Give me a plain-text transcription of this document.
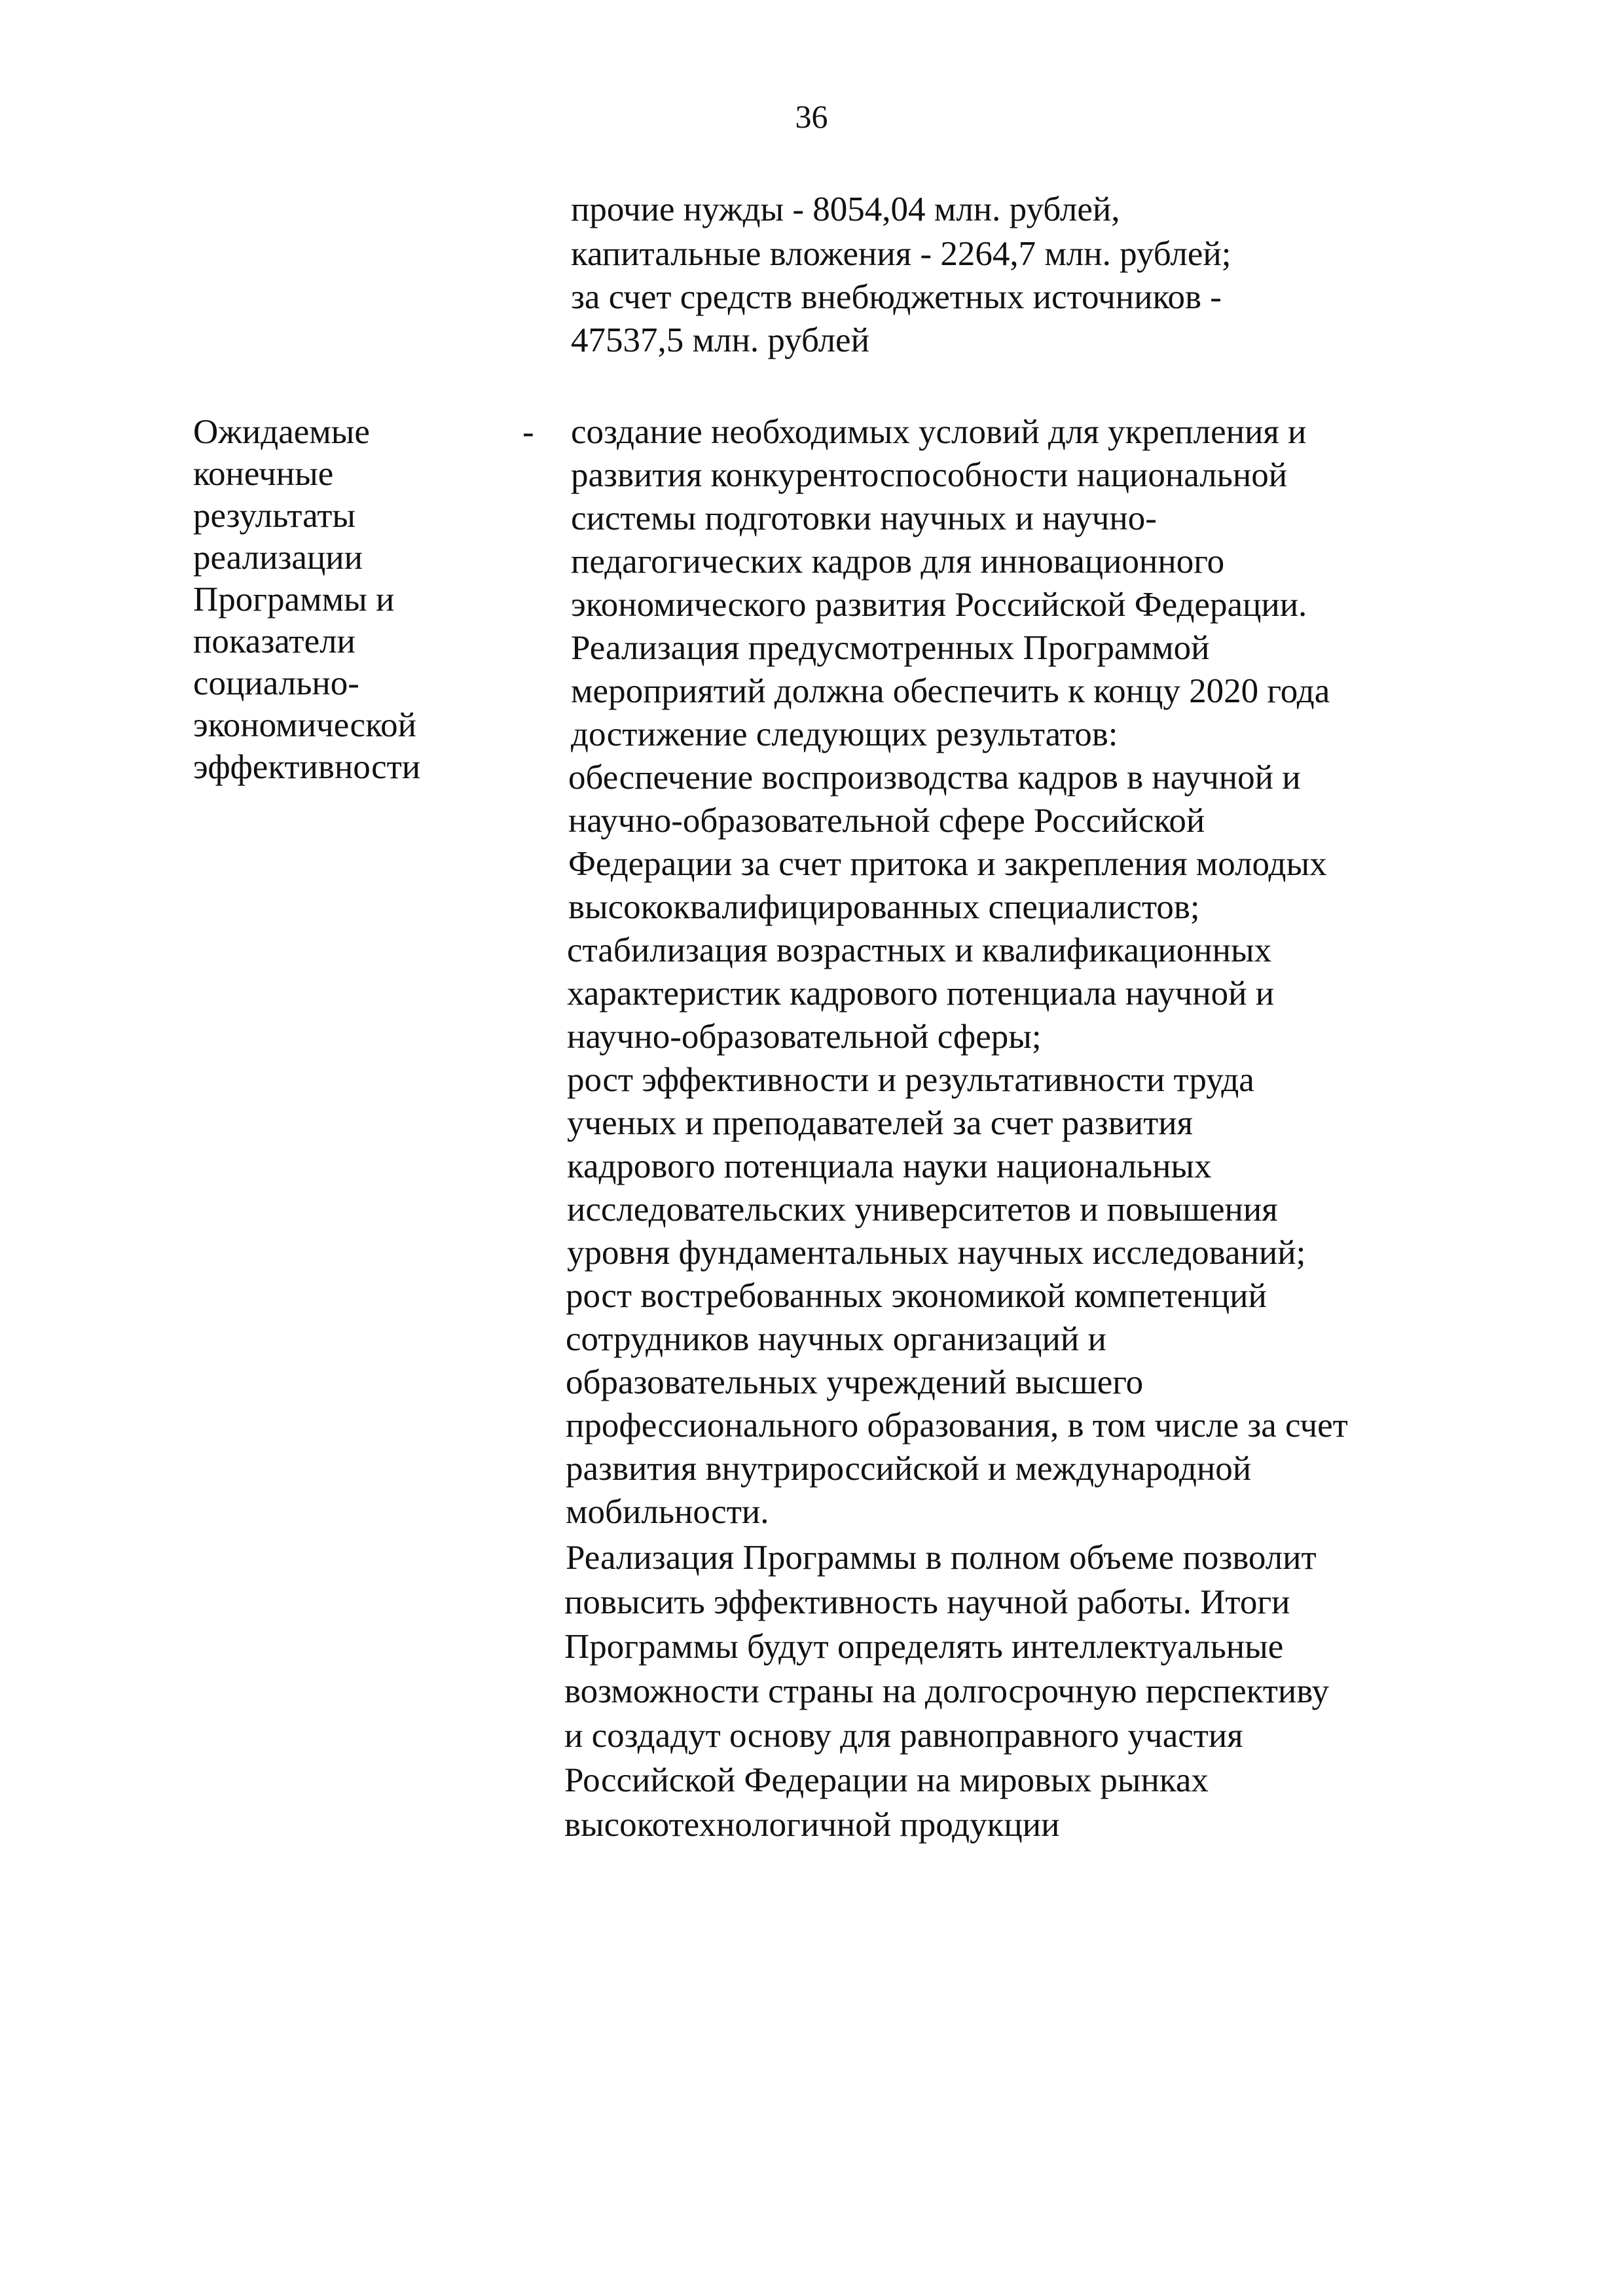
36
прочие нужды - 8054,04 млн. рублей,
капитальные вложения - 2264,7 млн. рублей;
за счет средств внебюджетных источников -
47537,5 млн. рублей
Ожидаемые
конечные
результаты
реализации
Программы и
показатели
социально-
экономической
эффективности
- создание необходимых условий для укрепления и
развития конкурентоспособности национальной
системы подготовки научных и научно-
педагогических кадров для инновационного
экономического развития Российской Федерации.
Реализация предусмотренных Программой
мероприятий должна обеспечить к концу 2020 года
достижение следующих результатов:
обеспечение воспроизводства кадров в научной и
научно-образовательной сфере Российской
Федерации за счет притока и закрепления молодых
высококвалифицированных специалистов;
стабилизация возрастных и квалификационных
характеристик кадрового потенциала научной и
научно-образовательной сферы;
рост эффективности и результативности труда
ученых и преподавателей за счет развития
кадрового потенциала науки национальных
исследовательских университетов и повышения
уровня фундаментальных научных исследований;
рост востребованных экономикой компетенций
сотрудников научных организаций и
образовательных учреждений высшего
профессионального образования, в том числе за счет
развития внутрироссийской и международной
мобильности.
Реализация Программы в полном объеме позволит
повысить эффективность научной работы. Итоги
Программы будут определять интеллектуальные
возможности страны на долгосрочную перспективу
и создадут основу для равноправного участия
Российской Федерации на мировых рынках
высокотехнологичной продукции
